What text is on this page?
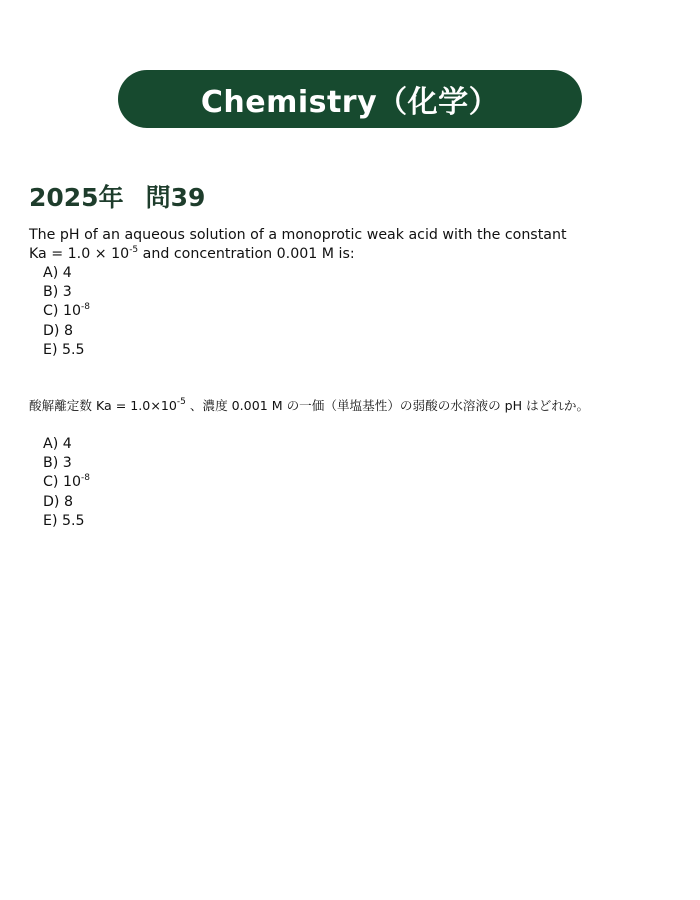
Chemistry（化学）
2025年 問39
The pH of an aqueous solution of a monoprotic weak acid with the constant
$Ka = 1.0 \times 10^{-5}$ and concentration 0.001 M is:
A) 4
B) 3
C) $10^{-8}$
D) 8
E) 5.5
酸解離定数 $Ka = 1.0\times 10^{-5}$ 、濃度 0.001 M の一価（単塩基性）の弱酸の水溶液の pH はどれか。
A) 4
B) 3
C) $10^{-8}$
D) 8
E) 5.5
